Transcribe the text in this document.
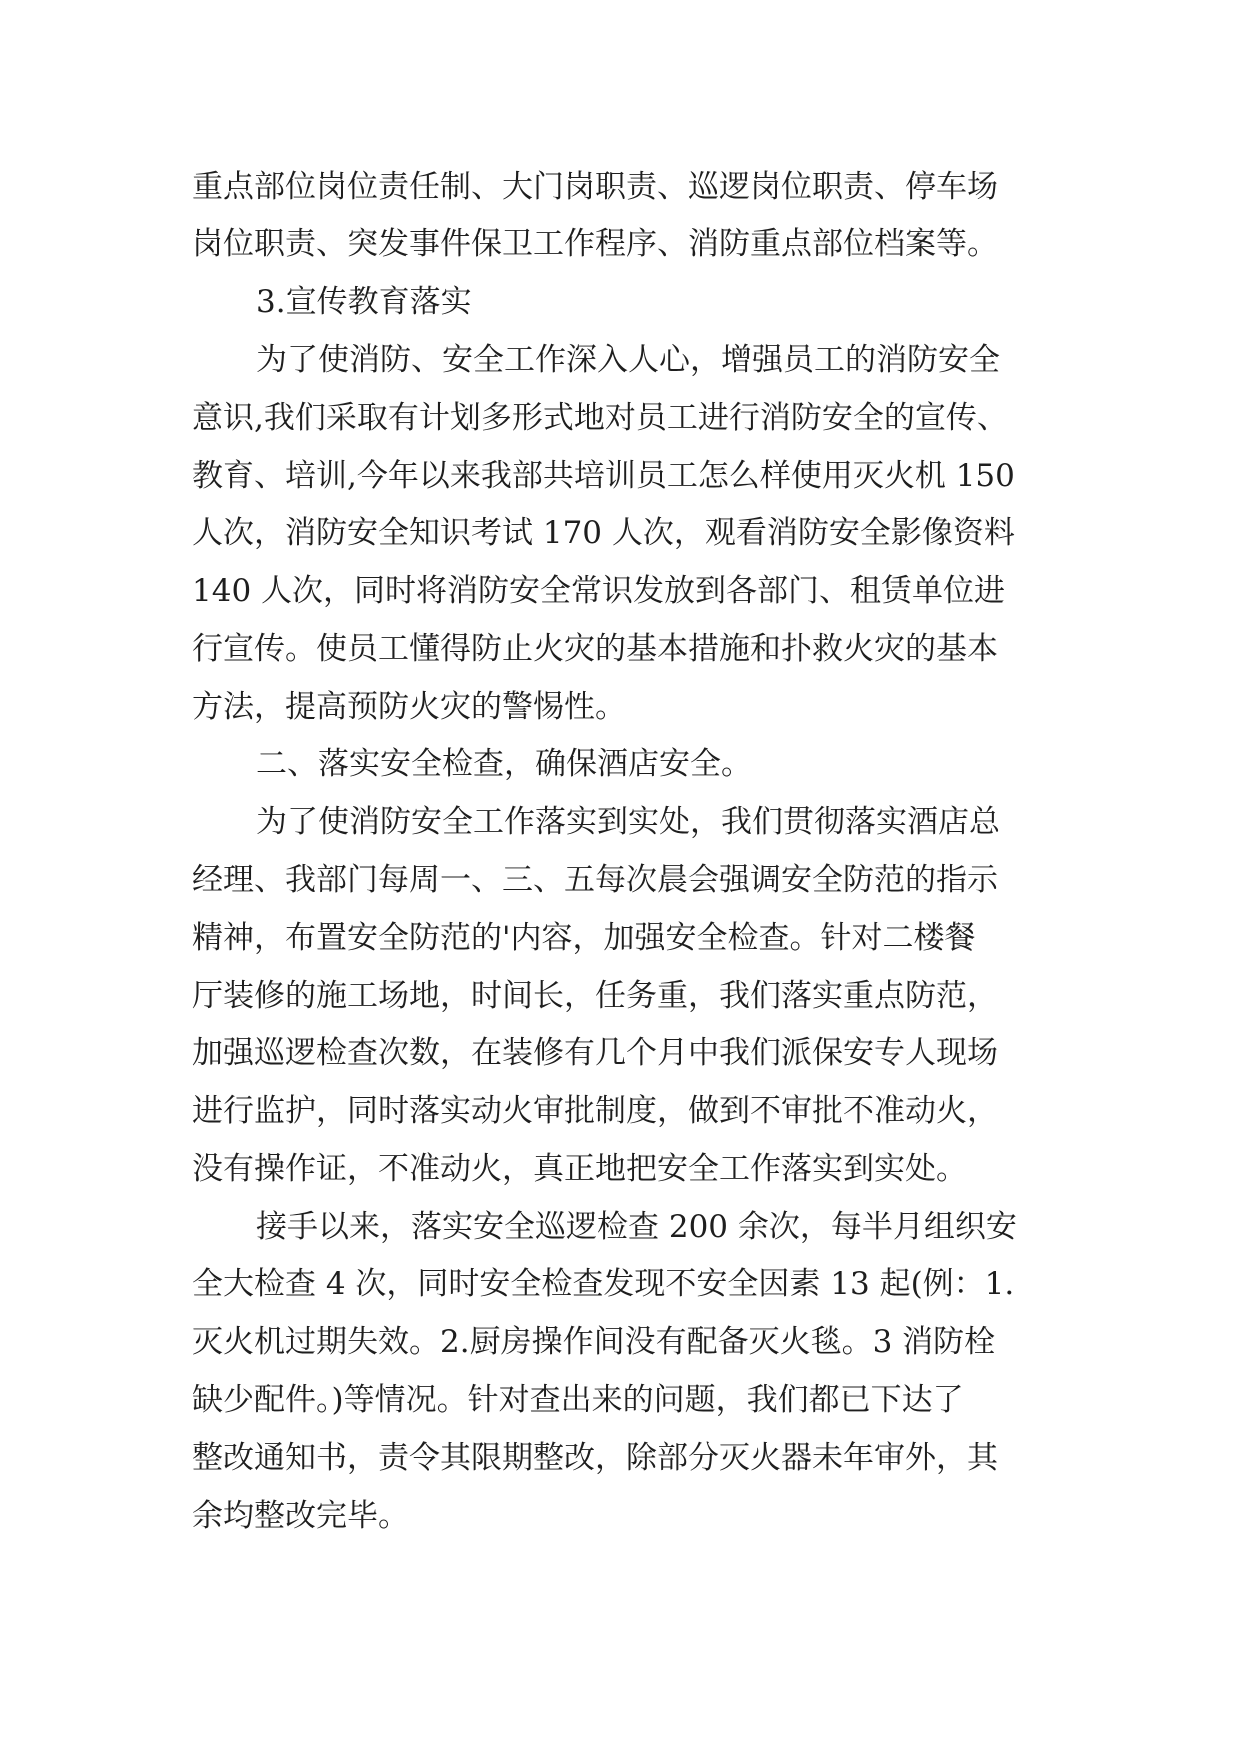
重点部位岗位责任制、大门岗职责、巡逻岗位职责、停车场

岗位职责、突发事件保卫工作程序、消防重点部位档案等。

3.宣传教育落实

为了使消防、安全工作深入人心，增强员工的消防安全

意识,我们采取有计划多形式地对员工进行消防安全的宣传、

教育、培训,今年以来我部共培训员工怎么样使用灭火机 150

人次，消防安全知识考试 170 人次，观看消防安全影像资料

140 人次，同时将消防安全常识发放到各部门、租赁单位进

行宣传。使员工懂得防止火灾的基本措施和扑救火灾的基本

方法，提高预防火灾的警惕性。

二、落实安全检查，确保酒店安全。

为了使消防安全工作落实到实处，我们贯彻落实酒店总

经理、我部门每周一、三、五每次晨会强调安全防范的指示

精神，布置安全防范的'内容，加强安全检查。针对二楼餐

厅装修的施工场地，时间长，任务重，我们落实重点防范，

加强巡逻检查次数，在装修有几个月中我们派保安专人现场

进行监护，同时落实动火审批制度，做到不审批不准动火，

没有操作证，不准动火，真正地把安全工作落实到实处。

接手以来，落实安全巡逻检查 200 余次，每半月组织安

全大检查 4 次，同时安全检查发现不安全因素 13 起(例：1.

灭火机过期失效。2.厨房操作间没有配备灭火毯。3 消防栓

缺少配件。)等情况。针对查出来的问题，我们都已下达了

整改通知书，责令其限期整改，除部分灭火器未年审外，其

余均整改完毕。
